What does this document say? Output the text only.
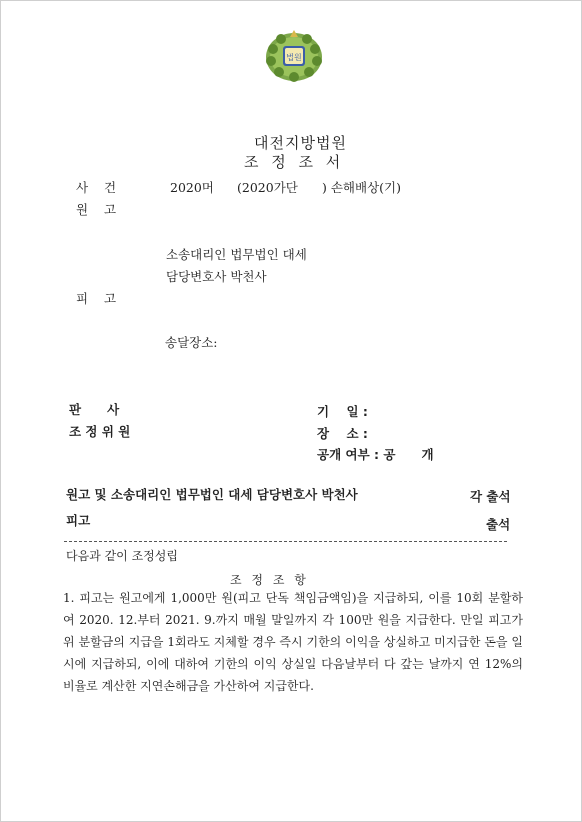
법원
대전지방법원
조 정 조 서
사    건	2020머 (2020가단 ) 손해배상(기)
원    고
소송대리인 법무법인 대세
담당변호사 박천사
피    고
송달장소:
판      사
조 정 위 원
기    일 :
장    소 :
공개 여부 : 공      개
원고 및 소송대리인 법무법인 대세 담당변호사 박천사	각 출석
피고	출석
다음과 같이 조정성립
조 정 조 항
1. 피고는 원고에게 1,000만 원(피고 단독 책임금액임)을 지급하되, 이를 10회 분할하여 2020. 12.부터 2021. 9.까지 매월 말일까지 각 100만 원을 지급한다. 만일 피고가 위 분할금의 지급을 1회라도 지체할 경우 즉시 기한의 이익을 상실하고 미지급한 돈을 일시에 지급하되, 이에 대하여 기한의 이익 상실일 다음날부터 다 갚는 날까지 연 12%의 비율로 계산한 지연손해금을 가산하여 지급한다.
